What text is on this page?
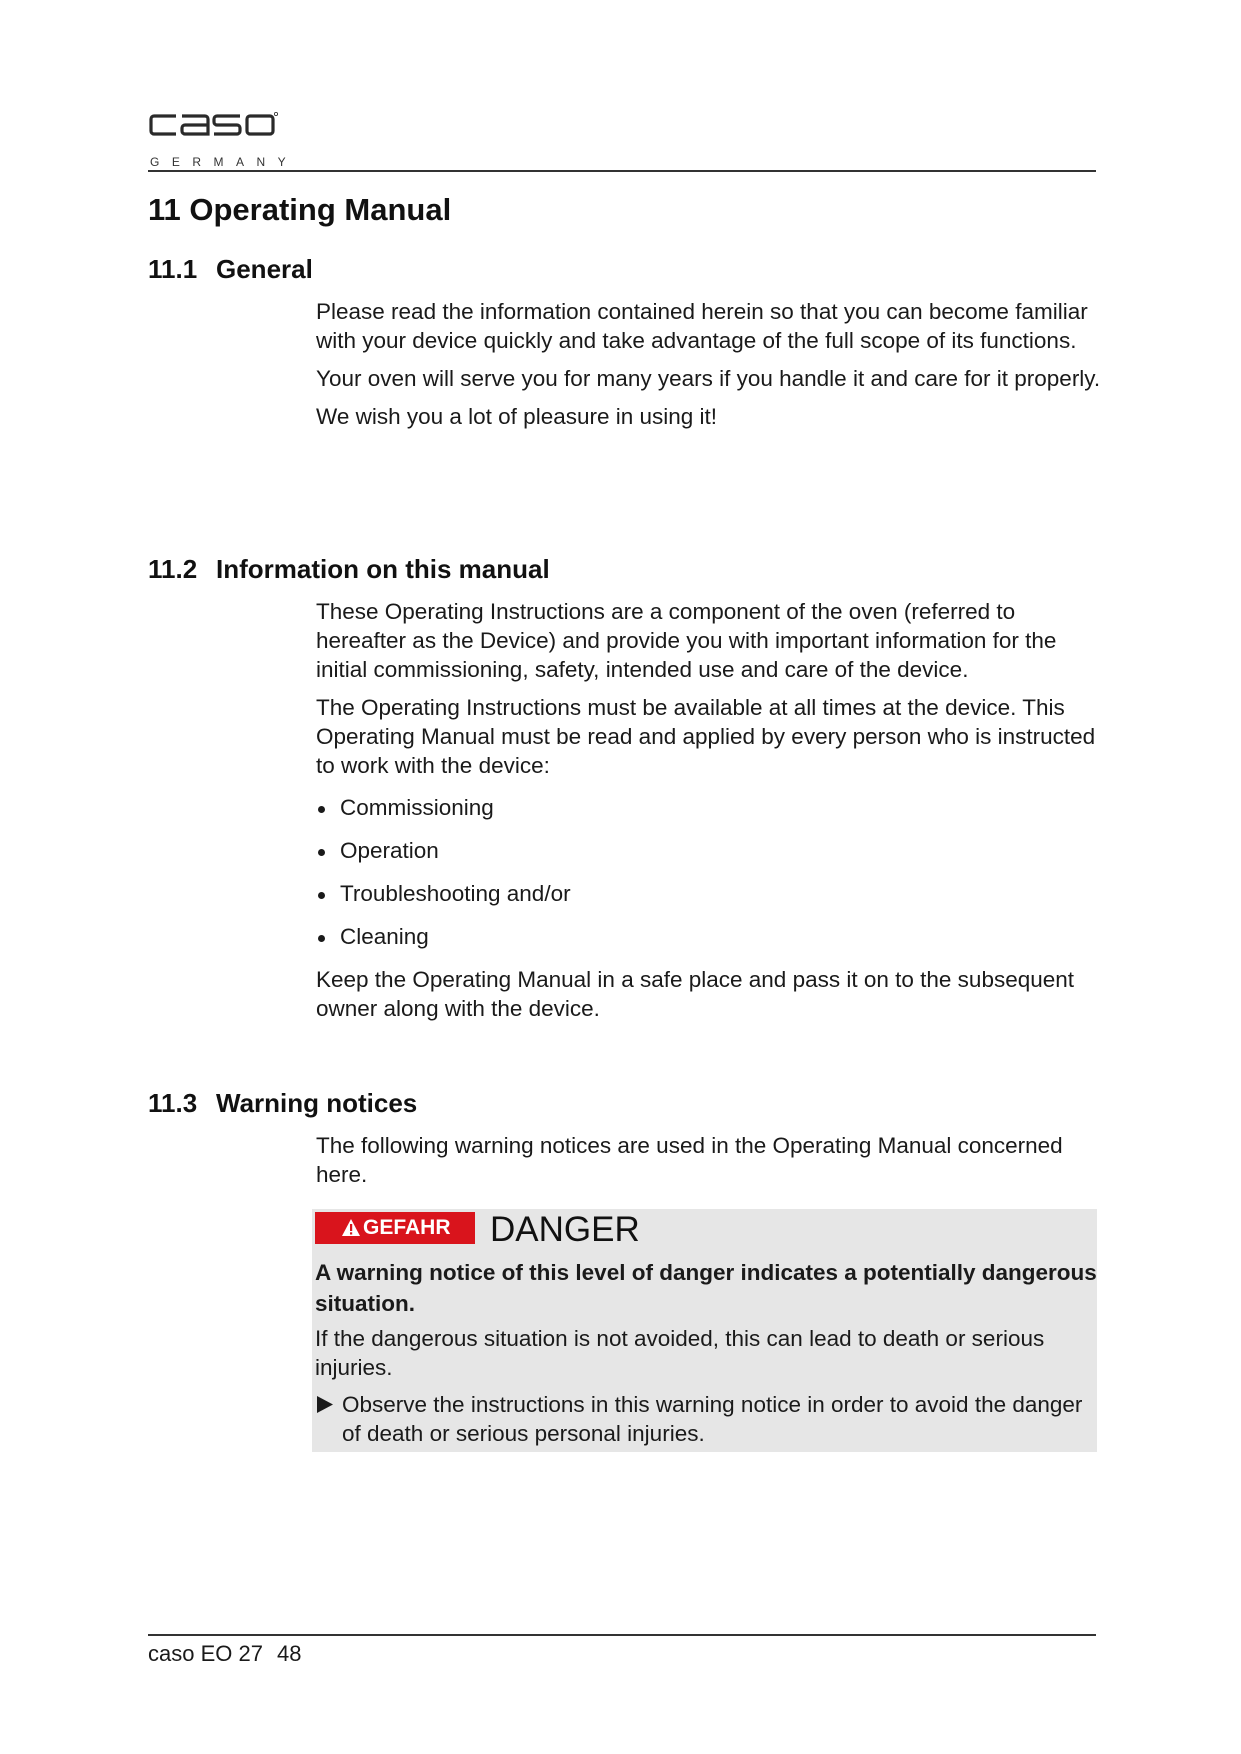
GERMANY
11 Operating Manual
11.1 General

Please read the information contained herein so that you can become familiar with your device quickly and take advantage of the full scope of its functions.

Your oven will serve you for many years if you handle it and care for it properly.

We wish you a lot of pleasure in using it!

11.2 Information on this manual

These Operating Instructions are a component of the oven (referred to hereafter as the Device) and provide you with important information for the initial commissioning, safety, intended use and care of the device.

The Operating Instructions must be available at all times at the device. This Operating Manual must be read and applied by every person who is instructed to work with the device:

Commissioning
Operation
Troubleshooting and/or
Cleaning

Keep the Operating Manual in a safe place and pass it on to the subsequent owner along with the device.

11.3 Warning notices

The following warning notices are used in the Operating Manual concerned here.

GEFAHR DANGER

A warning notice of this level of danger indicates a potentially dangerous situation.

If the dangerous situation is not avoided, this can lead to death or serious injuries.

Observe the instructions in this warning notice in order to avoid the danger of death or serious personal injuries.

caso EO 27 48
